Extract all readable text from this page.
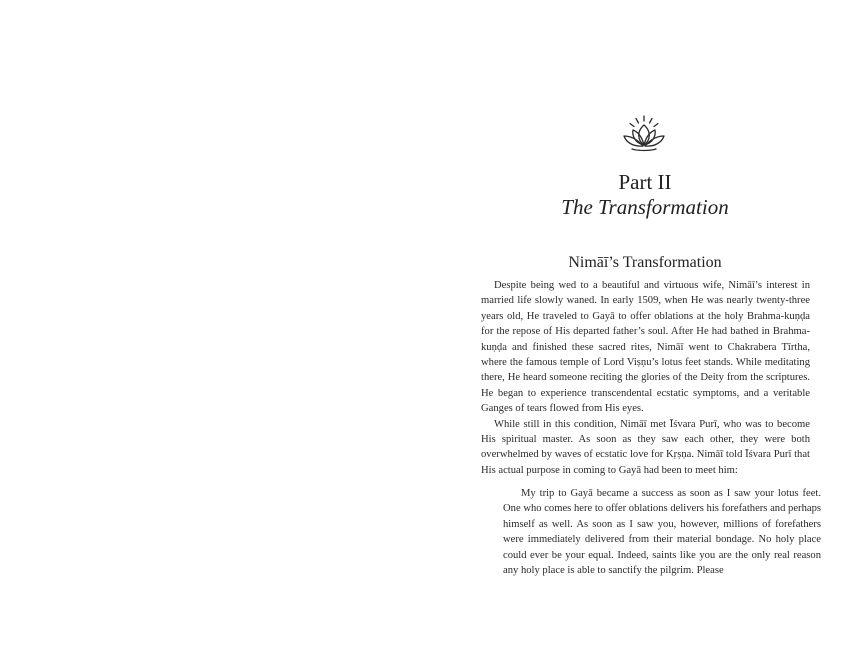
Part II
The Transformation
Nimāī’s Transformation

Despite being wed to a beautiful and virtuous wife, Nimāī’s interest in married life slowly waned. In early 1509, when He was nearly twenty-three years old, He traveled to Gayā to offer oblations at the holy Brahma-kuṇḍa for the repose of His departed father’s soul. After He had bathed in Brahma-kuṇḍa and finished these sacred rites, Nimāī went to Chakrabera Tīrtha, where the famous temple of Lord Viṣṇu’s lotus feet stands. While meditating there, He heard someone reciting the glories of the Deity from the scriptures. He began to experience transcendental ecstatic symptoms, and a veritable Ganges of tears flowed from His eyes.

While still in this condition, Nimāī met Īśvara Purī, who was to become His spiritual master. As soon as they saw each other, they were both overwhelmed by waves of ecstatic love for Kṛṣṇa. Nimāī told Īśvara Purī that His actual purpose in coming to Gayā had been to meet him:

My trip to Gayā became a success as soon as I saw your lotus feet. One who comes here to offer oblations delivers his forefathers and perhaps himself as well. As soon as I saw you, however, millions of forefathers were immediately delivered from their material bondage. No holy place could ever be your equal. Indeed, saints like you are the only real reason any holy place is able to sanctify the pilgrim. Please
